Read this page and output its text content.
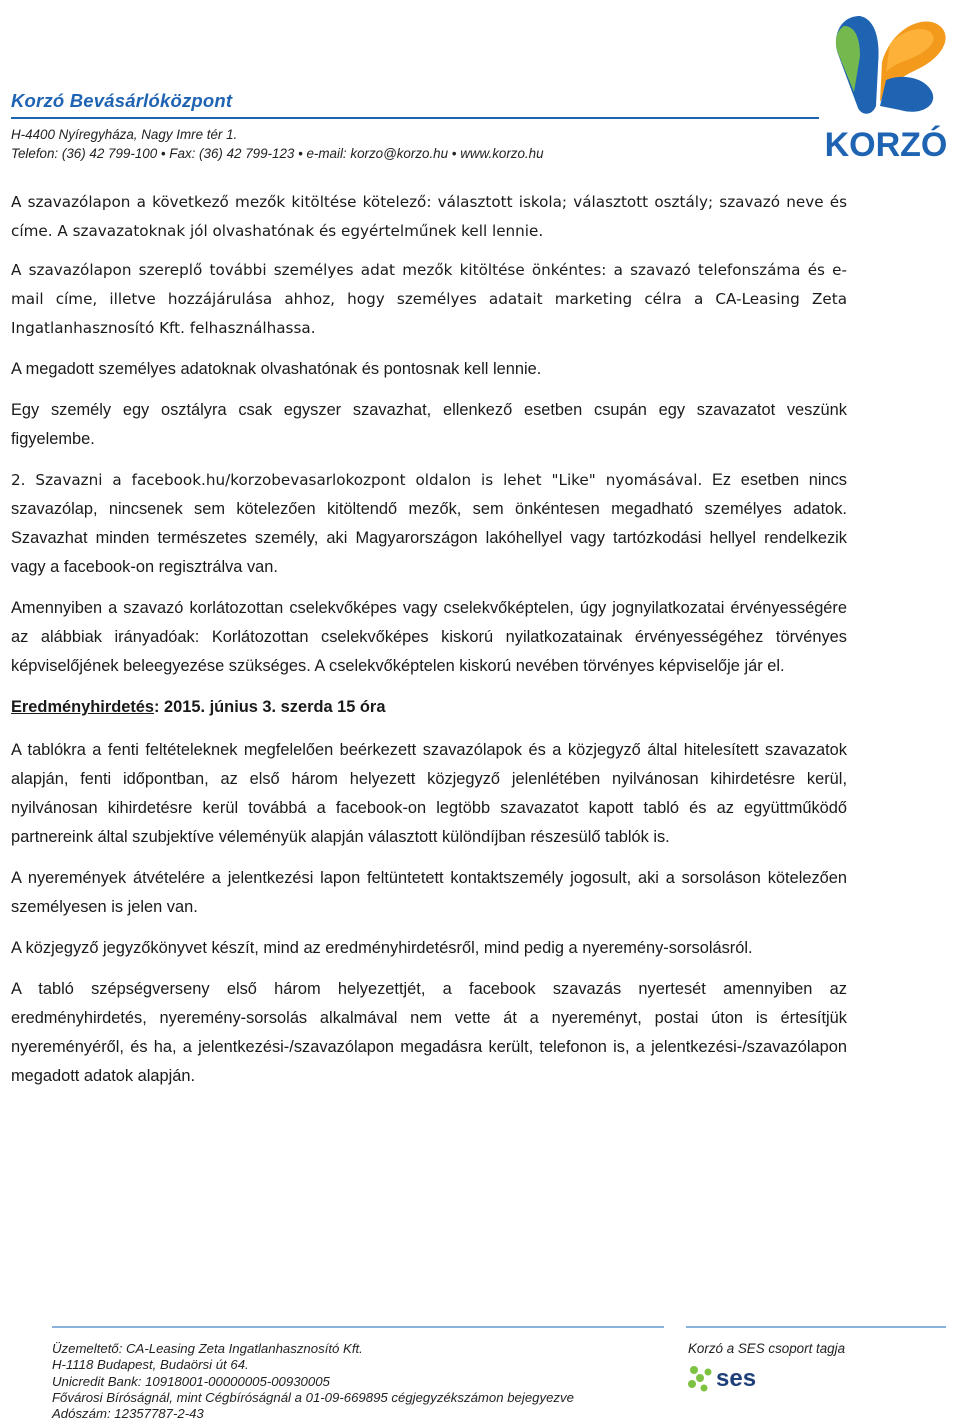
Korzó Bevásárlóközpont
H-4400 Nyíregyháza, Nagy Imre tér 1.
Telefon: (36) 42 799-100 • Fax: (36) 42 799-123 • e-mail: korzo@korzo.hu • www.korzo.hu	KORZÓ

A szavazólapon a következő mezők kitöltése kötelező: választott iskola; választott osztály; szavazó neve és címe. A szavazatoknak jól olvashatónak és egyértelműnek kell lennie.

A szavazólapon szereplő további személyes adat mezők kitöltése önkéntes: a szavazó telefonszáma és e-mail címe, illetve hozzájárulása ahhoz, hogy személyes adatait marketing célra a CA-Leasing Zeta Ingatlanhasznosító Kft. felhasználhassa.

A megadott személyes adatoknak olvashatónak és pontosnak kell lennie.

Egy személy egy osztályra csak egyszer szavazhat, ellenkező esetben csupán egy szavazatot veszünk figyelembe.

2. Szavazni a facebook.hu/korzobevasarlokozpont oldalon is lehet "Like" nyomásával. Ez esetben nincs szavazólap, nincsenek sem kötelezően kitöltendő mezők, sem önkéntesen megadható személyes adatok. Szavazhat minden természetes személy, aki Magyarországon lakóhellyel vagy tartózkodási hellyel rendelkezik vagy a facebook-on regisztrálva van.

Amennyiben a szavazó korlátozottan cselekvőképes vagy cselekvőképtelen, úgy jognyilatkozatai érvényességére az alábbiak irányadóak: Korlátozottan cselekvőképes kiskorú nyilatkozatainak érvényességéhez törvényes képviselőjének beleegyezése szükséges. A cselekvőképtelen kiskorú nevében törvényes képviselője jár el.

Eredményhirdetés: 2015. június 3. szerda 15 óra

A tablókra a fenti feltételeknek megfelelően beérkezett szavazólapok és a közjegyző által hitelesített szavazatok alapján, fenti időpontban, az első három helyezett közjegyző jelenlétében nyilvánosan kihirdetésre kerül, nyilvánosan kihirdetésre kerül továbbá a facebook-on legtöbb szavazatot kapott tabló és az együttműködő partnereink által szubjektíve véleményük alapján választott különdíjban részesülő tablók is.

A nyeremények átvételére a jelentkezési lapon feltüntetett kontaktszemély jogosult, aki a sorsoláson kötelezően személyesen is jelen van.

A közjegyző jegyzőkönyvet készít, mind az eredményhirdetésről, mind pedig a nyeremény-sorsolásról.

A tabló szépségverseny első három helyezettjét, a facebook szavazás nyertesét amennyiben az eredményhirdetés, nyeremény-sorsolás alkalmával nem vette át a nyereményt, postai úton is értesítjük nyereményéről, és ha, a jelentkezési-/szavazólapon megadásra került, telefonon is, a jelentkezési-/szavazólapon megadott adatok alapján.

Üzemeltető: CA-Leasing Zeta Ingatlanhasznosító Kft.
H-1118 Budapest, Budaörsi út 64.
Unicredit Bank: 10918001-00000005-00930005
Fővárosi Bíróságnál, mint Cégbíróságnál a 01-09-669895 cégjegyzékszámon bejegyezve
Adószám: 12357787-2-43
Korzó a SES csoport tagja
ses
